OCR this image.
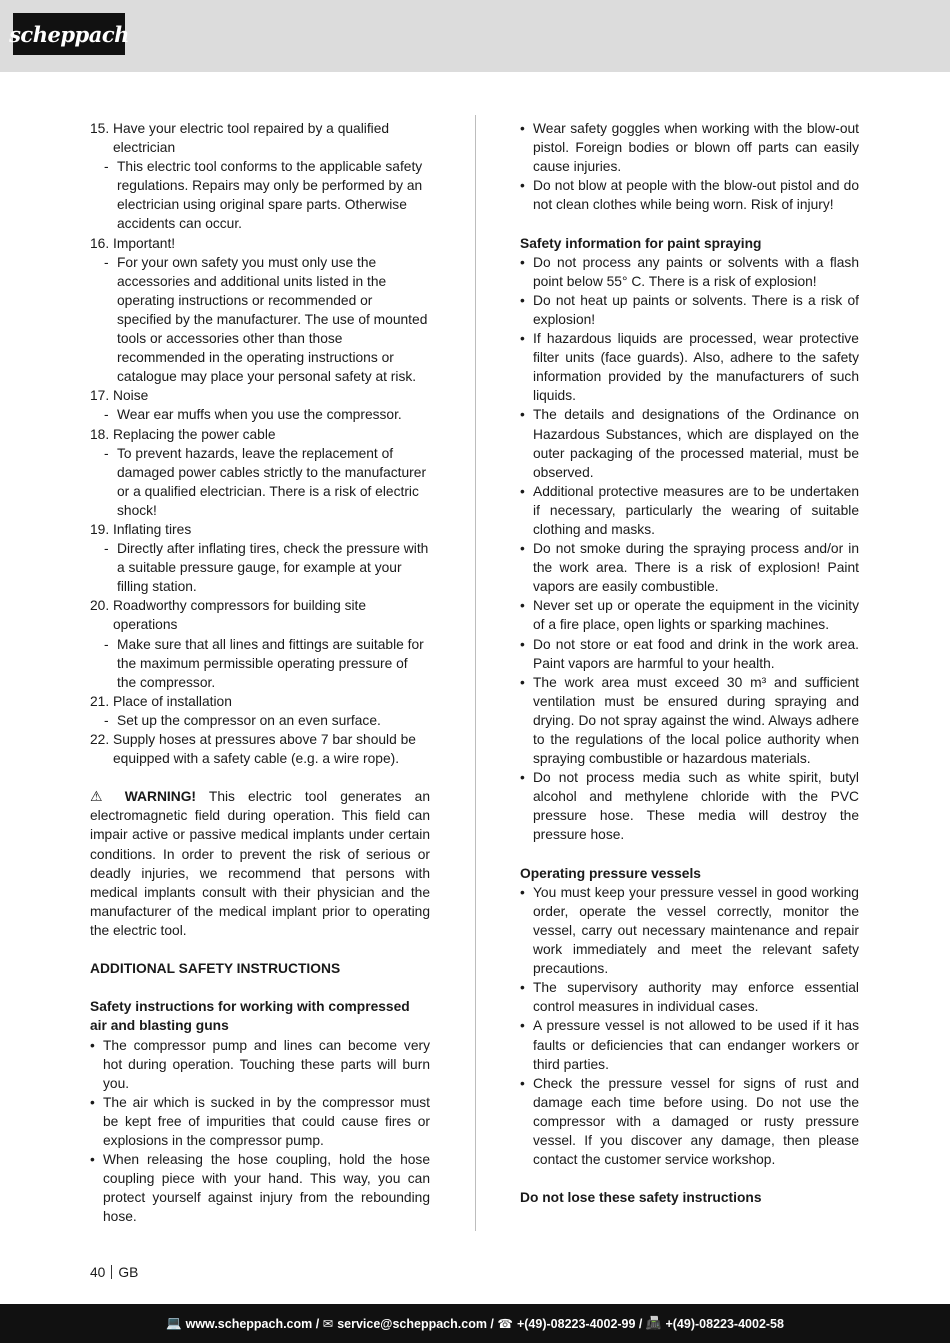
scheppach
15. Have your electric tool repaired by a qualified electrician
- This electric tool conforms to the applicable safety regulations. Repairs may only be performed by an electrician using original spare parts. Otherwise accidents can occur.
16. Important!
- For your own safety you must only use the accessories and additional units listed in the operating instructions or recommended or specified by the manufacturer. The use of mounted tools or accessories other than those recommended in the operating instructions or catalogue may place your personal safety at risk.
17. Noise
- Wear ear muffs when you use the compressor.
18. Replacing the power cable
- To prevent hazards, leave the replacement of damaged power cables strictly to the manufacturer or a qualified electrician. There is a risk of electric shock!
19. Inflating tires
- Directly after inflating tires, check the pressure with a suitable pressure gauge, for example at your filling station.
20. Roadworthy compressors for building site operations
- Make sure that all lines and fittings are suitable for the maximum permissible operating pressure of the compressor.
21. Place of installation
- Set up the compressor on an even surface.
22. Supply hoses at pressures above 7 bar should be equipped with a safety cable (e.g. a wire rope).
⚠ WARNING! This electric tool generates an electromagnetic field during operation. This field can impair active or passive medical implants under certain conditions. In order to prevent the risk of serious or deadly injuries, we recommend that persons with medical implants consult with their physician and the manufacturer of the medical implant prior to operating the electric tool.
ADDITIONAL SAFETY INSTRUCTIONS
Safety instructions for working with compressed air and blasting guns
• The compressor pump and lines can become very hot during operation. Touching these parts will burn you.
• The air which is sucked in by the compressor must be kept free of impurities that could cause fires or explosions in the compressor pump.
• When releasing the hose coupling, hold the hose coupling piece with your hand. This way, you can protect yourself against injury from the rebounding hose.
• Wear safety goggles when working with the blow-out pistol. Foreign bodies or blown off parts can easily cause injuries.
• Do not blow at people with the blow-out pistol and do not clean clothes while being worn. Risk of injury!
Safety information for paint spraying
• Do not process any paints or solvents with a flash point below 55° C. There is a risk of explosion!
• Do not heat up paints or solvents. There is a risk of explosion!
• If hazardous liquids are processed, wear protective filter units (face guards). Also, adhere to the safety information provided by the manufacturers of such liquids.
• The details and designations of the Ordinance on Hazardous Substances, which are displayed on the outer packaging of the processed material, must be observed.
• Additional protective measures are to be undertaken if necessary, particularly the wearing of suitable clothing and masks.
• Do not smoke during the spraying process and/or in the work area. There is a risk of explosion! Paint vapors are easily combustible.
• Never set up or operate the equipment in the vicinity of a fire place, open lights or sparking machines.
• Do not store or eat food and drink in the work area. Paint vapors are harmful to your health.
• The work area must exceed 30 m³ and sufficient ventilation must be ensured during spraying and drying. Do not spray against the wind. Always adhere to the regulations of the local police authority when spraying combustible or hazardous materials.
• Do not process media such as white spirit, butyl alcohol and methylene chloride with the PVC pressure hose. These media will destroy the pressure hose.
Operating pressure vessels
• You must keep your pressure vessel in good working order, operate the vessel correctly, monitor the vessel, carry out necessary maintenance and repair work immediately and meet the relevant safety precautions.
• The supervisory authority may enforce essential control measures in individual cases.
• A pressure vessel is not allowed to be used if it has faults or deficiencies that can endanger workers or third parties.
• Check the pressure vessel for signs of rust and damage each time before using. Do not use the compressor with a damaged or rusty pressure vessel. If you discover any damage, then please contact the customer service workshop.
Do not lose these safety instructions
40 GB
💻 www.scheppach.com /
✉ service@scheppach.com /
☎ +(49)-08223-4002-99 /
📠 +(49)-08223-4002-58
